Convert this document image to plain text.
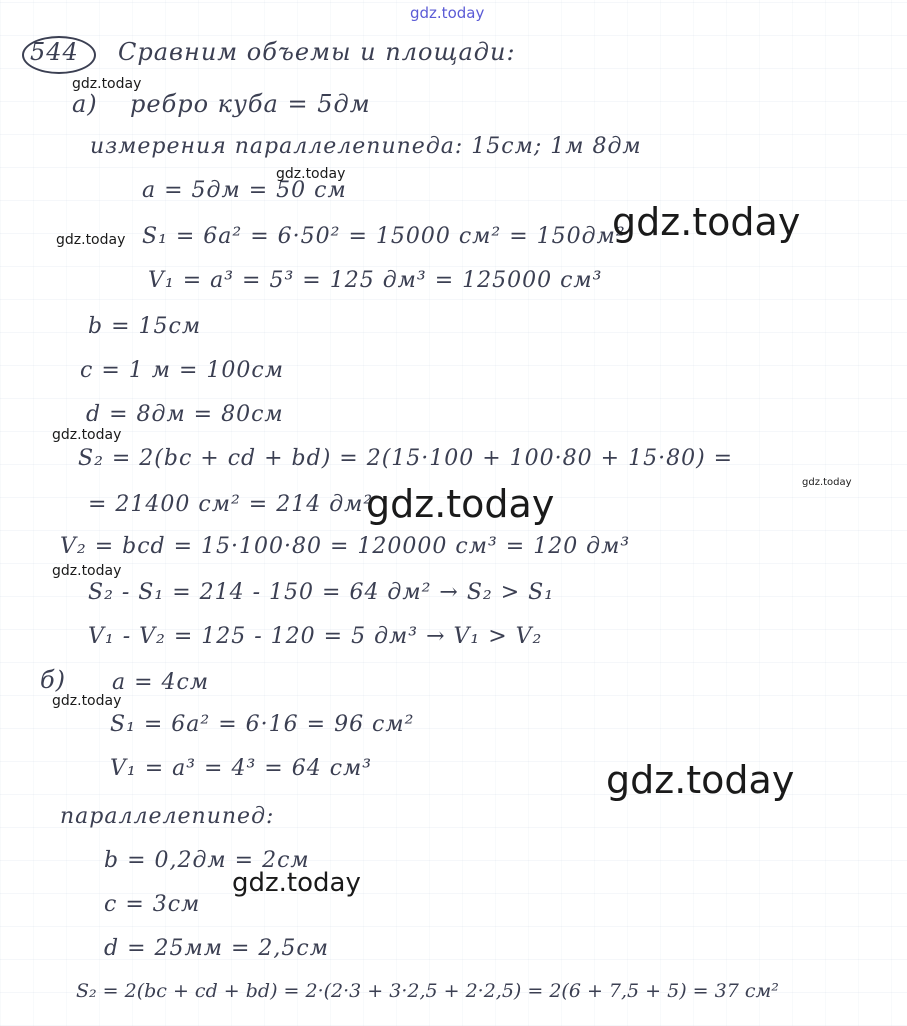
gdz.today
544 Сравним объемы и площади:
gdz.today
а) ребро куба = 5дм
измерения параллелепипеда: 15см; 1м 8дм
a = 5дм = 50 см
gdz.today
gdz.today S₁ = 6a² = 6·50² = 15000 см² = 150дм²
gdz.today
V₁ = a³ = 5³ = 125 дм³ = 125000 см³
b = 15см
c = 1 м = 100см
d = 8дм = 80см
gdz.today
S₂ = 2(bc + cd + bd) = 2(15·100 + 100·80 + 15·80) =
gdz.today
= 21400 см² = 214 дм²
gdz.today
V₂ = bcd = 15·100·80 = 120000 см³ = 120 дм³
gdz.today
S₂ - S₁ = 214 - 150 = 64 дм² → S₂ > S₁
V₁ - V₂ = 125 - 120 = 5 дм³ → V₁ > V₂
б) a = 4см
gdz.today
S₁ = 6a² = 6·16 = 96 см²
V₁ = a³ = 4³ = 64 см³	gdz.today
параллелепипед:
b = 0,2дм = 2см
gdz.today
c = 3см
d = 25мм = 2,5см
S₂ = 2(bc + cd + bd) = 2·(2·3 + 3·2,5 + 2·2,5) = 2(6 + 7,5 + 5) = 37 см²
